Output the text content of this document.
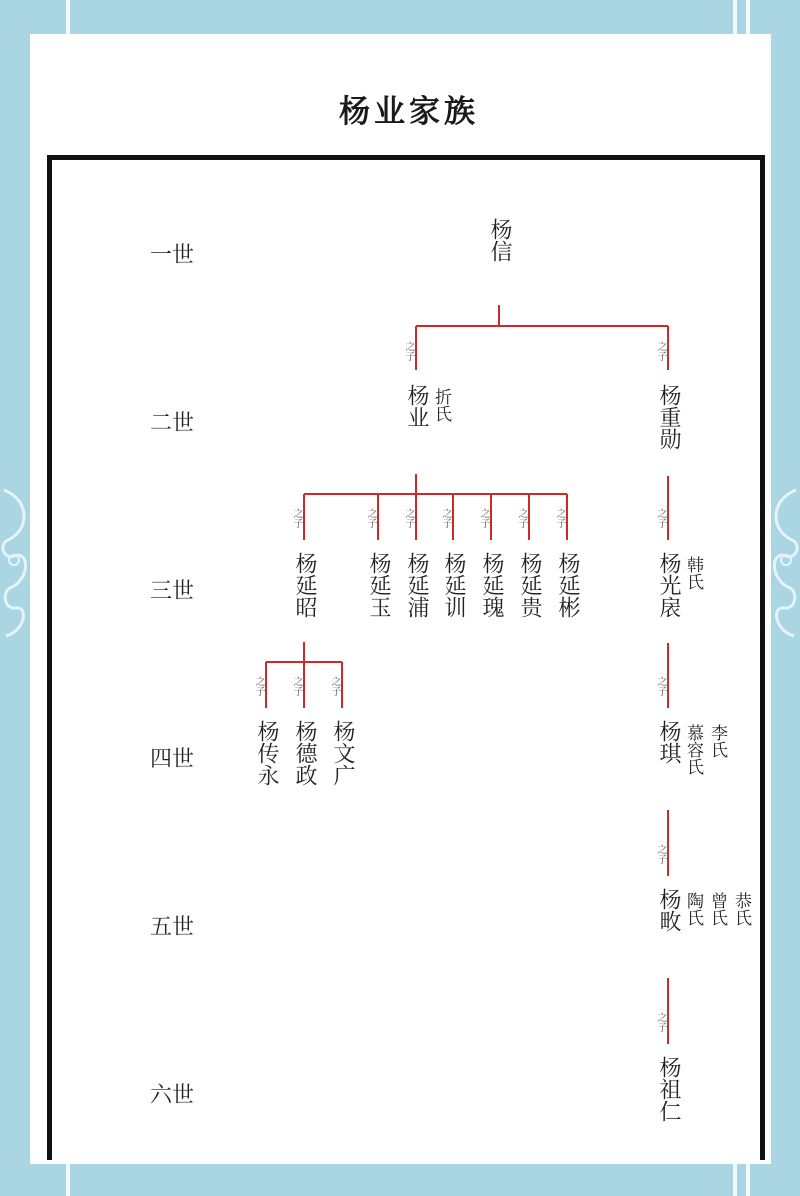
杨业家族
一世
二世
三世
四世
五世
六世
之子	之子
之子	之子	之子	之子	之子	之子	之子	之子
之子	之子	之子	之子
之子
之子
杨信
杨业 折氏	杨重勋
杨延昭 杨延玉 杨延浦 杨延训 杨延瑰 杨延贵 杨延彬	杨光扆 韩氏
杨传永 杨德政 杨文广	杨琪 慕容氏 李氏
杨畋 陶氏 曾氏 恭氏
杨祖仁
